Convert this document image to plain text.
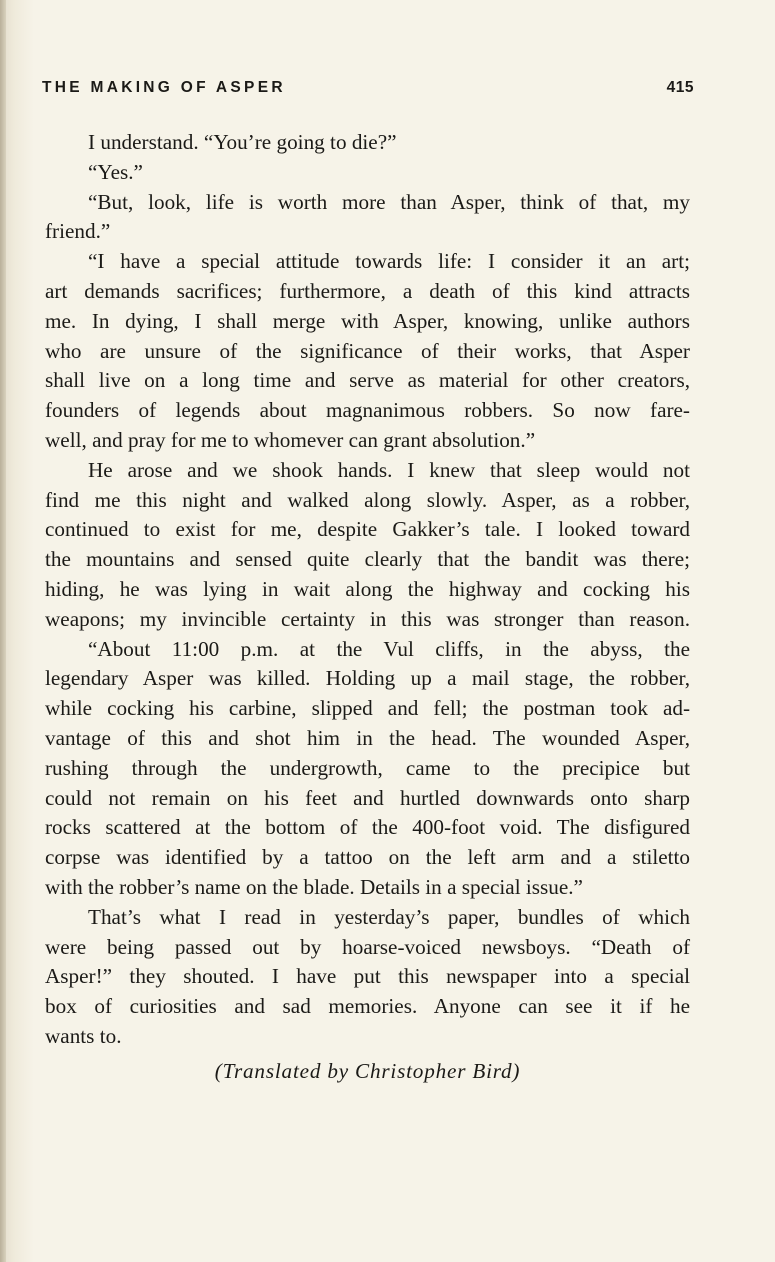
THE MAKING OF ASPER	415
I understand. “You’re going to die?”
“Yes.”
“But, look, life is worth more than Asper, think of that, my
friend.”
“I have a special attitude towards life: I consider it an art;
art demands sacrifices; furthermore, a death of this kind attracts
me. In dying, I shall merge with Asper, knowing, unlike authors
who are unsure of the significance of their works, that Asper
shall live on a long time and serve as material for other creators,
founders of legends about magnanimous robbers. So now fare-
well, and pray for me to whomever can grant absolution.”
He arose and we shook hands. I knew that sleep would not
find me this night and walked along slowly. Asper, as a robber,
continued to exist for me, despite Gakker’s tale. I looked toward
the mountains and sensed quite clearly that the bandit was there;
hiding, he was lying in wait along the highway and cocking his
weapons; my invincible certainty in this was stronger than reason.
“About 11:00 p.m. at the Vul cliffs, in the abyss, the
legendary Asper was killed. Holding up a mail stage, the robber,
while cocking his carbine, slipped and fell; the postman took ad-
vantage of this and shot him in the head. The wounded Asper,
rushing through the undergrowth, came to the precipice but
could not remain on his feet and hurtled downwards onto sharp
rocks scattered at the bottom of the 400-foot void. The disfigured
corpse was identified by a tattoo on the left arm and a stiletto
with the robber’s name on the blade. Details in a special issue.”
That’s what I read in yesterday’s paper, bundles of which
were being passed out by hoarse-voiced newsboys. “Death of
Asper!” they shouted. I have put this newspaper into a special
box of curiosities and sad memories. Anyone can see it if he
wants to.
(Translated by Christopher Bird)
